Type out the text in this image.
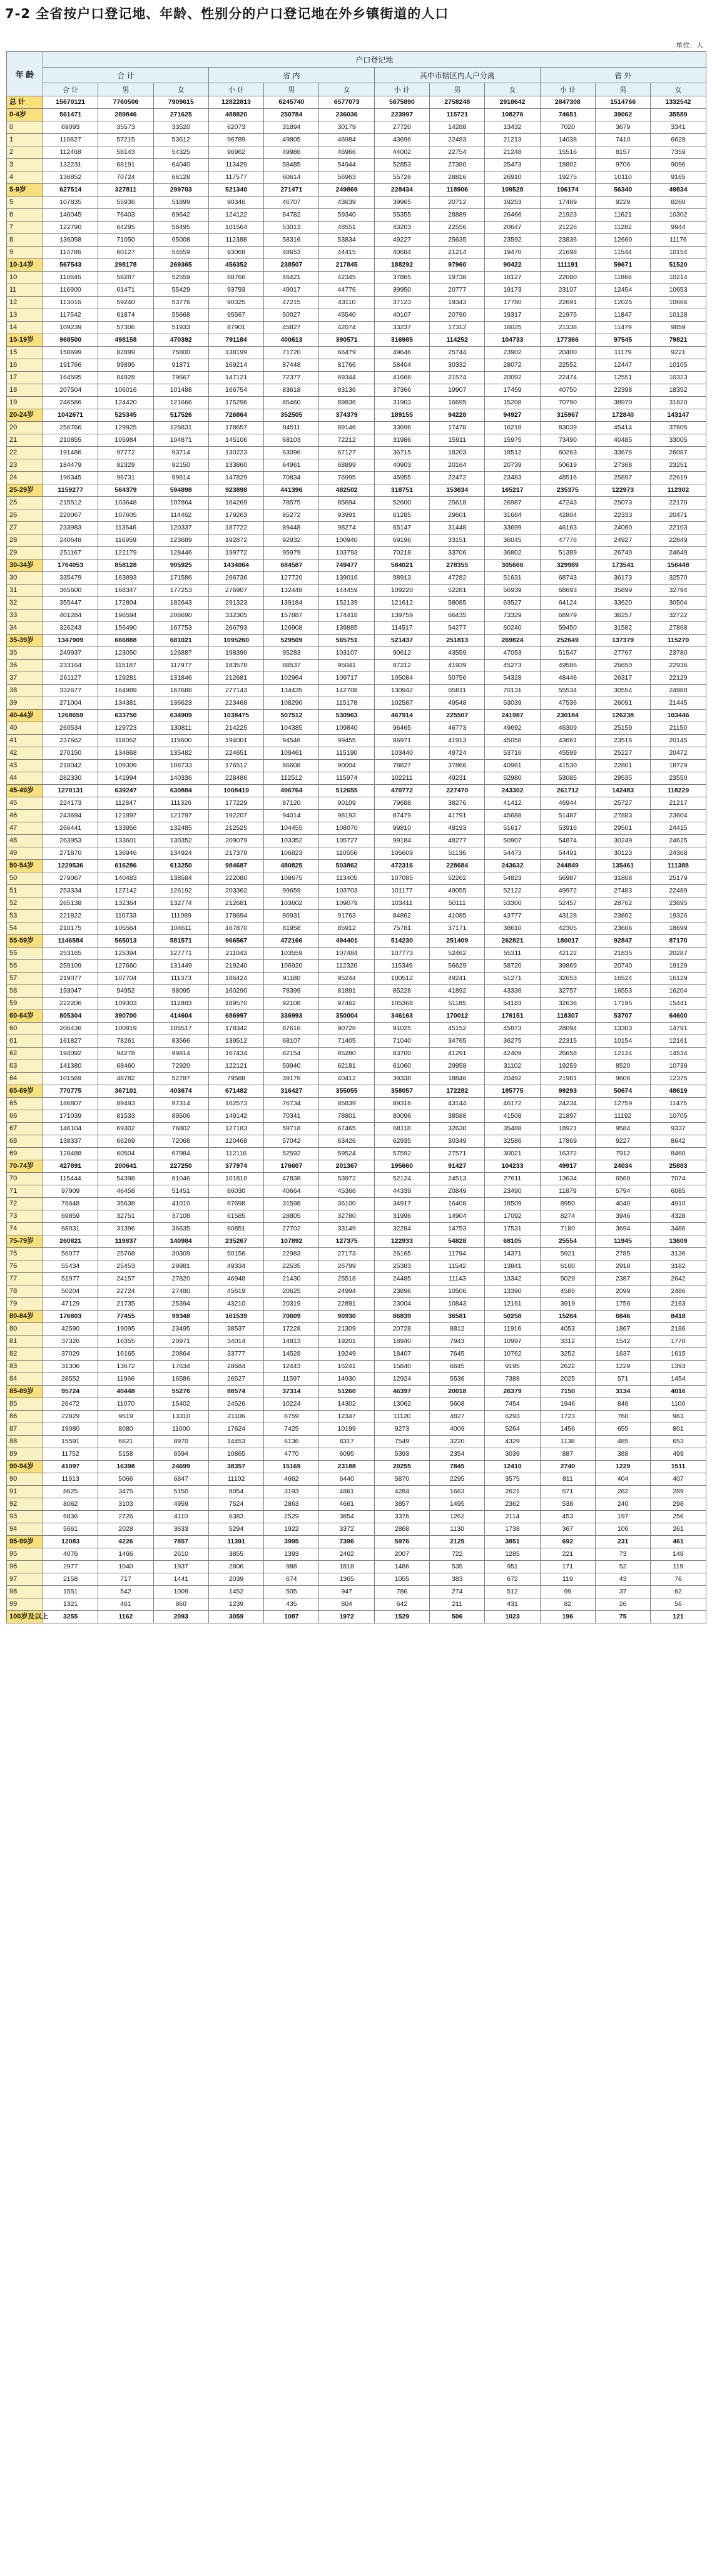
7-2 全省按户口登记地、年龄、性别分的户口登记地在外乡镇街道的人口
单位：人
年 龄	户口登记地											
	合 计			省 内			其中市辖区内人户分离			省 外		
	合 计	男	女	小 计	男	女	小 计	男	女	小 计	男	女
总 计	15670121	7760506	7909615	12822813	6245740	6577073	5675890	2758248	2918642	2847308	1514766	1332542
0-4岁	561471	289846	271625	488820	250784	236036	223997	115721	108276	74651	39062	35589
0	69093	35573	33520	62073	31894	30179	27720	14288	13432	7020	3679	3341
1	110827	57215	53612	96789	49805	46984	43696	22483	21213	14038	7410	6628
2	112468	58143	54325	96962	49986	46966	44002	22754	21248	15516	8157	7359
3	132231	68191	64040	113429	58485	54944	52853	27380	25473	18802	9706	9096
4	136852	70724	66128	117577	60614	56963	55726	28816	26910	19275	10110	9165
5-9岁	627514	327811	299703	521340	271471	249869	228434	118906	109528	106174	56340	49834
5	107835	55936	51899	90346	46707	43639	39965	20712	19253	17489	9229	8260
6	146045	76403	69642	124122	64782	59340	55355	28889	26466	21923	11621	10302
7	122790	64295	58495	101564	53013	48551	43203	22556	20647	21226	11282	9944
8	136058	71050	65008	112388	58316	53834	49227	25635	23592	23836	12660	11176
9	114786	60127	54659	93068	48653	44415	40684	21214	19470	21698	11544	10154
10-14岁	567543	298178	269365	456352	238507	217845	188292	97960	90422	111191	59671	51520
10	110846	58287	52559	88766	46421	42345	37865	19738	18127	22080	11866	10214
11	116900	61471	55429	93793	49017	44776	39950	20777	19173	23107	12454	10653
12	113016	59240	53776	90325	47215	43110	37123	19343	17780	22691	12025	10666
13	117542	61874	55668	95567	50027	45540	40107	20790	19317	21975	11847	10128
14	109239	57306	51933	87901	45827	42074	33237	17312	16025	21338	11479	9859
15-19岁	968500	498158	470392	791184	400613	390571	316985	114252	104733	177366	97545	79821
15	158699	82899	75800	138199	71720	66479	49646	25744	23902	20400	11179	9221
16	191766	99895	91871	169214	87448	81766	58404	30332	28072	22552	12447	10105
17	164595	84928	79667	147121	72377	69344	41666	21574	20092	22474	12551	10323
18	207504	106016	101488	166754	83618	83136	37366	19907	17459	40750	22398	18352
19	246586	124420	121666	175296	85460	89836	31903	16695	15208	70790	38970	31820
20-24岁	1042671	525345	517526	726864	352505	374379	189155	94228	94927	315967	172840	143147
20	256766	129925	126831	178657	84511	89146	33696	17478	16218	83039	45414	37605
21	210855	105984	104871	145106	68103	72212	31986	15911	15975	73490	40485	33005
22	191486	97772	93714	130223	63096	67127	36715	18203	18512	60263	33676	26087
23	184479	92329	92150	133860	64961	68899	40903	20164	20739	50619	27368	23251
24	196345	96731	99614	147829	70834	76995	45955	22472	23483	48516	25897	22619
25-29岁	1159277	564379	594898	923898	441396	482502	318751	153634	165217	235375	122973	112302
25	215512	103648	107864	164269	78575	85694	52600	25618	26987	47243	25073	22170
26	220067	107605	114462	179263	85272	93991	61285	29601	31684	42804	22333	20471
27	233983	113646	120337	187722	89448	98274	65147	31448	33699	46163	24060	22103
28	240648	116959	123689	192872	92932	100940	69196	33151	36045	47776	24927	22849
29	251167	122179	128446	199772	95979	103793	70218	33706	36802	51389	26740	24649
30-34岁	1764053	858128	905925	1434064	684587	749477	584021	278355	305666	329989	173541	156448
30	335479	163893	171586	266736	127720	139016	98913	47282	51631	68743	36173	32570
31	365600	168347	177253	276907	132448	144459	109220	52281	56939	68693	35899	32794
32	355447	172804	182643	291323	139184	152139	121612	58085	63527	64124	33620	30504
33	401284	196594	206690	332305	157887	174418	139759	66435	73329	68979	36257	32722
34	326243	156490	167753	266793	126908	139885	114517	54277	60240	59450	31582	27868
35-39岁	1347909	666888	681021	1095260	529509	565751	521437	251813	269824	252649	137379	115270
35	249937	123050	126887	198390	95283	103107	90612	43559	47053	51547	27767	23780
36	233164	115187	117977	183578	88537	95041	87212	41939	45273	49586	26650	22936
37	261127	129281	131846	212681	102964	109717	105084	50756	54328	48446	26317	22129
38	332677	164989	167688	277143	134435	142708	130942	65811	70131	55534	30554	24980
39	271004	134381	136623	223468	108290	115178	102587	49548	53039	47536	26091	21445
40-44岁	1268659	633750	634909	1038475	507512	530963	467914	225507	241987	230184	126238	103446
40	260534	129723	130811	214225	104385	109840	96465	46773	49692	46309	25159	21150
41	237662	118062	119600	194001	94546	99455	86971	41913	45058	43661	23516	20145
42	270150	134668	135482	224651	109461	115190	103440	49724	53716	45599	25227	20472
43	218042	109309	108733	176512	86608	90004	78827	37866	40961	41530	22801	18729
44	282330	141994	140336	228486	112512	115974	102211	49231	52980	53085	29535	23550
45-49岁	1270131	639247	630884	1008419	496764	512655	470772	227470	243302	261712	142483	118229
45	224173	112847	111326	177229	87120	90109	79688	38276	41412	46944	25727	21217
46	243694	121897	121797	192207	94014	98193	87479	41791	45688	51487	27883	23604
47	266441	133956	132485	212525	104455	108070	99810	48193	51617	53916	29501	24415
48	263953	133601	130352	209079	103352	105727	99184	48277	50907	54874	30249	24625
49	271870	136946	134924	217379	106823	110556	105609	51136	54473	54491	30123	24368
50-54岁	1229536	616286	613250	984687	480825	503862	472316	228684	243632	244849	135461	111388
50	279067	140483	138584	222080	108675	113405	107085	52262	54823	56987	31808	25179
51	253334	127142	126192	203362	99659	103703	101177	49055	52122	49972	27483	22489
52	265138	132364	132774	212681	103602	109079	103411	50111	53300	52457	28762	23695
53	221822	110733	111089	178694	86931	91763	84862	41085	43777	43128	23802	19326
54	210175	105564	104611	167870	81958	85912	75781	37171	38610	42305	23606	18699
55-59岁	1146584	565013	581571	966567	472166	494401	514230	251409	262821	180017	92847	87170
55	253165	125394	127771	211043	103559	107484	107773	52462	55311	42122	21835	20287
56	259109	127660	131449	219240	106920	112320	115349	56629	58720	39869	20740	19129
57	219077	107704	111373	186424	91180	95244	100512	49241	51271	32653	16524	16129
58	193047	94952	98095	160290	78399	81891	85228	41892	43336	32757	16553	16204
59	222206	109303	112883	189570	92108	97462	105368	51185	54183	32636	17195	15441
60-64岁	805304	390700	414604	686997	336993	350004	346163	170012	176151	118307	53707	64600
60	206436	100919	105517	178342	87616	90726	91025	45152	45873	28094	13303	14791
61	161827	78261	83566	139512	68107	71405	71040	34765	36275	22315	10154	12161
62	194092	94278	99814	167434	82154	85280	83700	41291	42409	26658	12124	14534
63	141380	68460	72920	122121	59940	62181	61060	29958	31102	19259	8520	10739
64	101569	48782	52787	79588	39176	40412	39338	18846	20492	21981	9606	12375
65-69岁	770775	367101	403674	671482	316427	355055	358057	172282	185775	99293	50674	48619
65	186807	89493	97314	162573	76734	85839	89316	43144	46172	24234	12759	11475
66	171039	81533	89506	149142	70341	78801	80096	38588	41508	21897	11192	10705
67	146104	69302	76802	127183	59718	67465	68118	32630	35488	18921	9584	9337
68	138337	66269	72068	120468	57042	63426	62935	30349	32586	17869	9227	8642
69	128488	60504	67984	112116	52592	59524	57592	27571	30021	16372	7912	8460
70-74岁	427891	200641	227250	377974	176607	201367	195660	91427	104233	49917	24034	25883
70	115444	54398	61046	101810	47838	53972	52124	24513	27611	13634	6560	7074
71	97909	46458	51451	86030	40664	45366	44339	20849	23490	11879	5794	6085
72	76648	35638	41010	67698	31598	36100	34917	16408	18509	8950	4040	4910
73	69859	32751	37108	61585	28805	32780	31996	14904	17092	8274	3946	4328
74	68031	31396	36635	60851	27702	33149	32284	14753	17531	7180	3694	3486
75-79岁	260821	119837	140984	235267	107892	127375	122933	54828	68105	25554	11945	13609
75	56077	25768	30309	50156	22983	27173	26165	11794	14371	5921	2785	3136
76	55434	25453	29981	49334	22535	26799	25383	11542	13841	6100	2918	3182
77	51977	24157	27820	46948	21430	25518	24485	11143	13342	5029	2387	2642
78	50204	22724	27480	45619	20625	24994	23896	10506	13390	4585	2099	2486
79	47129	21735	25394	43210	20319	22891	23004	10843	12161	3919	1756	2163
80-84岁	176803	77455	99348	161539	70609	90930	86839	36581	50258	15264	6846	8418
80	42590	19095	23495	38537	17228	21309	20728	8812	11916	4053	1867	2186
81	37326	16355	20971	34014	14813	19201	18940	7943	10997	3312	1542	1770
82	37029	16165	20864	33777	14528	19249	18407	7645	10762	3252	1637	1615
83	31306	13672	17634	28684	12443	16241	15840	6645	9195	2622	1229	1393
84	28552	11966	16586	26527	11597	14930	12924	5536	7388	2025	571	1454
85-89岁	95724	40448	55276	88574	37314	51260	46397	20018	26379	7150	3134	4016
85	26472	11070	15402	24526	10224	14302	13062	5608	7454	1946	846	1100
86	22829	9519	13310	21106	8759	12347	11120	4827	6293	1723	760	963
87	19080	8080	11000	17624	7425	10199	9273	4009	5264	1456	655	801
88	15591	6621	8970	14453	6136	8317	7549	3220	4329	1138	485	653
89	11752	5158	6594	10865	4770	6095	5393	2354	3039	887	388	499
90-94岁	41097	16398	24699	38357	15169	23188	20255	7845	12410	2740	1229	1511
90	11913	5066	6847	11102	4662	6440	5870	2295	3575	811	404	407
91	8625	3475	5150	8054	3193	4861	4284	1663	2621	571	282	289
92	8062	3103	4959	7524	2863	4661	3857	1495	2362	538	240	298
93	6836	2726	4110	6383	2529	3854	3376	1262	2114	453	197	256
94	5661	2028	3633	5294	1922	3372	2868	1130	1738	367	106	261
95-99岁	12083	4226	7857	11391	3995	7396	5976	2125	3851	692	231	461
95	4076	1466	2610	3855	1393	2462	2007	722	1285	221	73	148
96	2977	1040	1937	2806	988	1818	1486	535	951	171	52	119
97	2158	717	1441	2039	674	1365	1055	383	672	119	43	76
98	1551	542	1009	1452	505	947	786	274	512	99	37	62
99	1321	461	860	1239	435	804	642	211	431	82	26	56
100岁及以上	3255	1162	2093	3059	1087	1972	1529	506	1023	196	75	121
